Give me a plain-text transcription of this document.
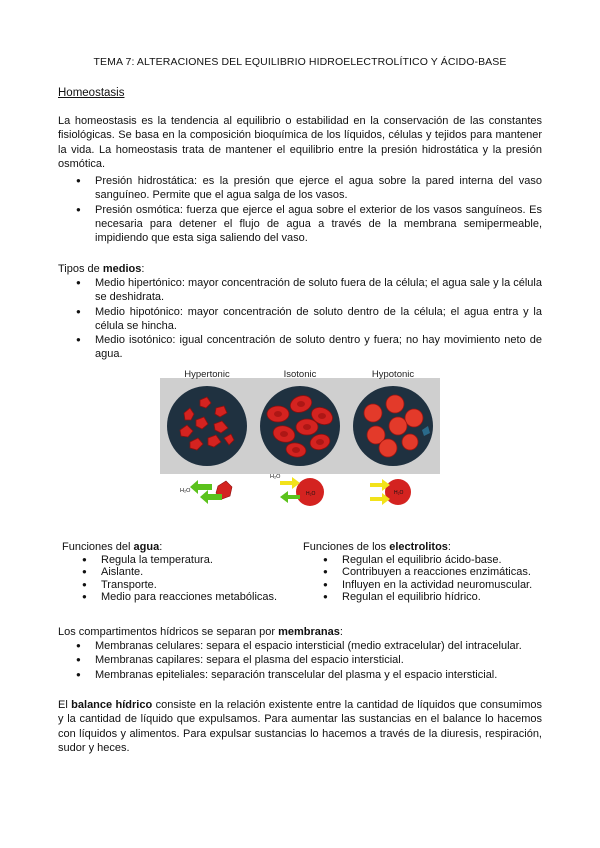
TEMA 7: ALTERACIONES DEL EQUILIBRIO HIDROELECTROLÍTICO Y ÁCIDO-BASE
Homeostasis

La homeostasis es la tendencia al equilibrio o estabilidad en la conservación de las constantes fisiológicas. Se basa en la composición bioquímica de los líquidos, células y tejidos para mantener la vida. La homeostasis trata de mantener el equilibrio entre la presión hidrostática y la presión osmótica.

● Presión hidrostática: es la presión que ejerce el agua sobre la pared interna del vaso sanguíneo. Permite que el agua salga de los vasos.
● Presión osmótica: fuerza que ejerce el agua sobre el exterior de los vasos sanguíneos. Es necesaria para detener el flujo de agua a través de la membrana semipermeable, impidiendo que esta siga saliendo del vaso.

Tipos de medios:

● Medio hipertónico: mayor concentración de soluto fuera de la célula; el agua sale y la célula se deshidrata.
● Medio hipotónico: mayor concentración de soluto dentro de la célula; el agua entra y la célula se hincha.
● Medio isotónico: igual concentración de soluto dentro y fuera; no hay movimiento neto de agua.
Hypertonic	Isotonic	Hypotonic
H₂O
H₂O
H₂O	H₂O
Funciones del agua:
● Regula la temperatura.
● Aislante.
● Transporte.
● Medio para reacciones metabólicas.
Funciones de los electrolitos:
● Regulan el equilibrio ácido-base.
● Contribuyen a reacciones enzimáticas.
● Influyen en la actividad neuromuscular.
● Regulan el equilibrio hídrico.

Los compartimentos hídricos se separan por membranas:

● Membranas celulares: separa el espacio intersticial (medio extracelular) del intracelular.
● Membranas capilares: separa el plasma del espacio intersticial.
● Membranas epiteliales: separación transcelular del plasma y el espacio intersticial.

El balance hídrico consiste en la relación existente entre la cantidad de líquidos que consumimos y la cantidad de líquido que expulsamos. Para aumentar las sustancias en el balance lo hacemos con líquidos y alimentos. Para expulsar sustancias lo hacemos a través de la diuresis, respiración, sudor y heces.
